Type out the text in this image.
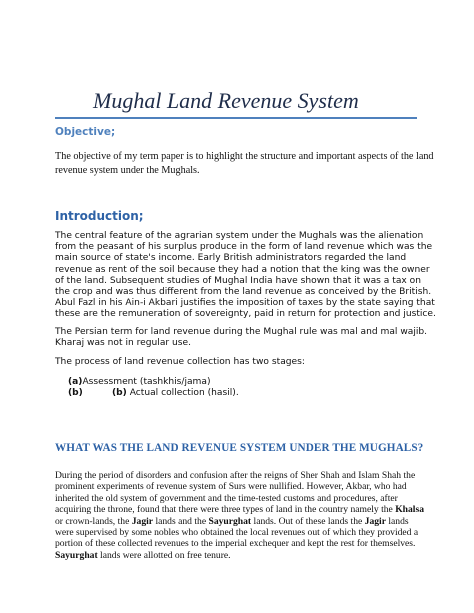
Mughal Land Revenue System
Objective;
The objective of my term paper is to highlight the structure and important aspects of the land
revenue system under the Mughals.
Introduction;
The central feature of the agrarian system under the Mughals was the alienation
from the peasant of his surplus produce in the form of land revenue which was the
main source of state's income. Early British administrators regarded the land
revenue as rent of the soil because they had a notion that the king was the owner
of the land. Subsequent studies of Mughal India have shown that it was a tax on
the crop and was thus different from the land revenue as conceived by the British.
Abul Fazl in his Ain-i Akbari justifies the imposition of taxes by the state saying that
these are the remuneration of sovereignty, paid in return for protection and justice.
The Persian term for land revenue during the Mughal rule was mal and mal wajib.
Kharaj was not in regular use.
The process of land revenue collection has two stages:
(a)Assessment (tashkhis/jama)
(b)	(b) Actual collection (hasil).
WHAT WAS THE LAND REVENUE SYSTEM UNDER THE MUGHALS?
During the period of disorders and confusion after the reigns of Sher Shah and Islam Shah the
prominent experiments of revenue system of Surs were nullified. However, Akbar, who had
inherited the old system of government and the time-tested customs and procedures, after
acquiring the throne, found that there were three types of land in the country namely the Khalsa
or crown-lands, the Jagir lands and the Sayurghat lands. Out of these lands the Jagir lands
were supervised by some nobles who obtained the local revenues out of which they provided a
portion of these collected revenues to the imperial exchequer and kept the rest for themselves.
Sayurghat lands were allotted on free tenure.
